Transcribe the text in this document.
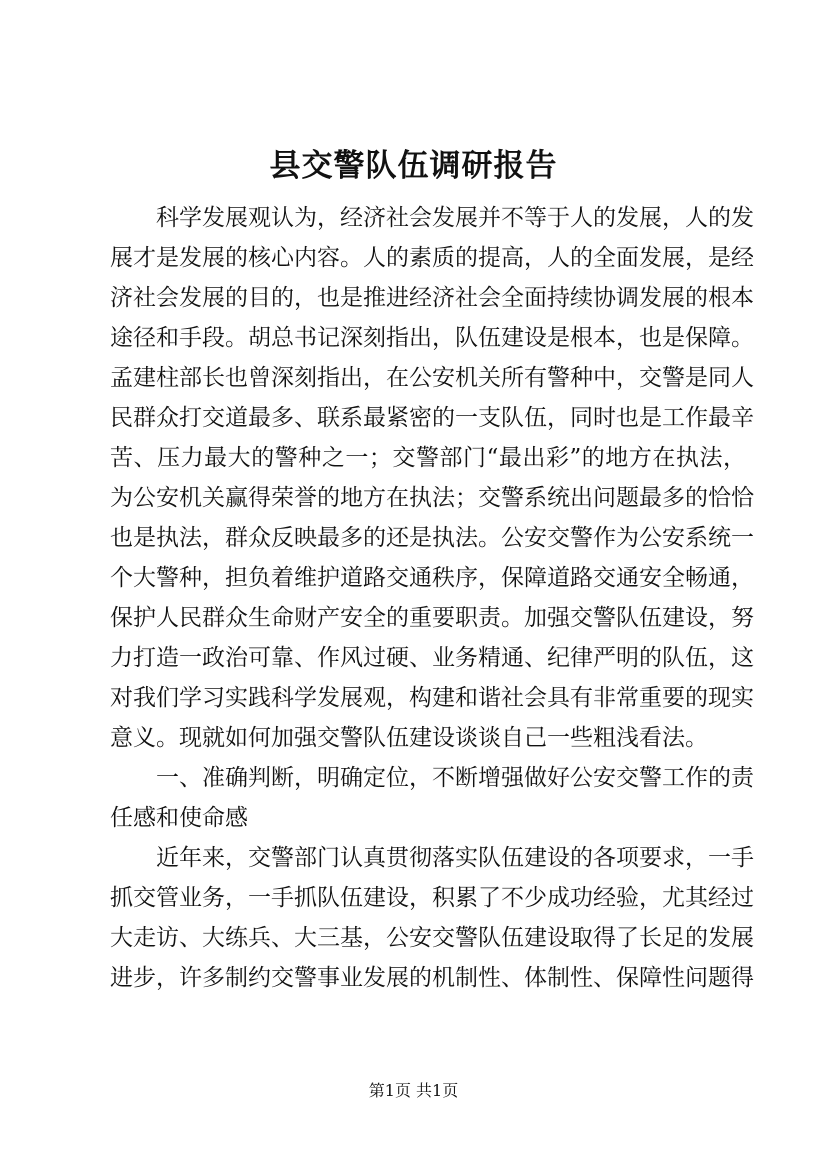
县交警队伍调研报告
　　科学发展观认为，经济社会发展并不等于人的发展，人的发
展才是发展的核心内容。人的素质的提高，人的全面发展，是经
济社会发展的目的，也是推进经济社会全面持续协调发展的根本
途径和手段。胡总书记深刻指出，队伍建设是根本，也是保障。
孟建柱部长也曾深刻指出，在公安机关所有警种中，交警是同人
民群众打交道最多、联系最紧密的一支队伍，同时也是工作最辛
苦、压力最大的警种之一；交警部门“最出彩”的地方在执法，
为公安机关赢得荣誉的地方在执法；交警系统出问题最多的恰恰
也是执法，群众反映最多的还是执法。公安交警作为公安系统一
个大警种，担负着维护道路交通秩序，保障道路交通安全畅通，
保护人民群众生命财产安全的重要职责。加强交警队伍建设，努
力打造一政治可靠、作风过硬、业务精通、纪律严明的队伍，这
对我们学习实践科学发展观，构建和谐社会具有非常重要的现实
意义。现就如何加强交警队伍建设谈谈自己一些粗浅看法。
　　一、准确判断，明确定位，不断增强做好公安交警工作的责
任感和使命感
　　近年来，交警部门认真贯彻落实队伍建设的各项要求，一手
抓交管业务，一手抓队伍建设，积累了不少成功经验，尤其经过
大走访、大练兵、大三基，公安交警队伍建设取得了长足的发展
进步，许多制约交警事业发展的机制性、体制性、保障性问题得
第1页 共1页
